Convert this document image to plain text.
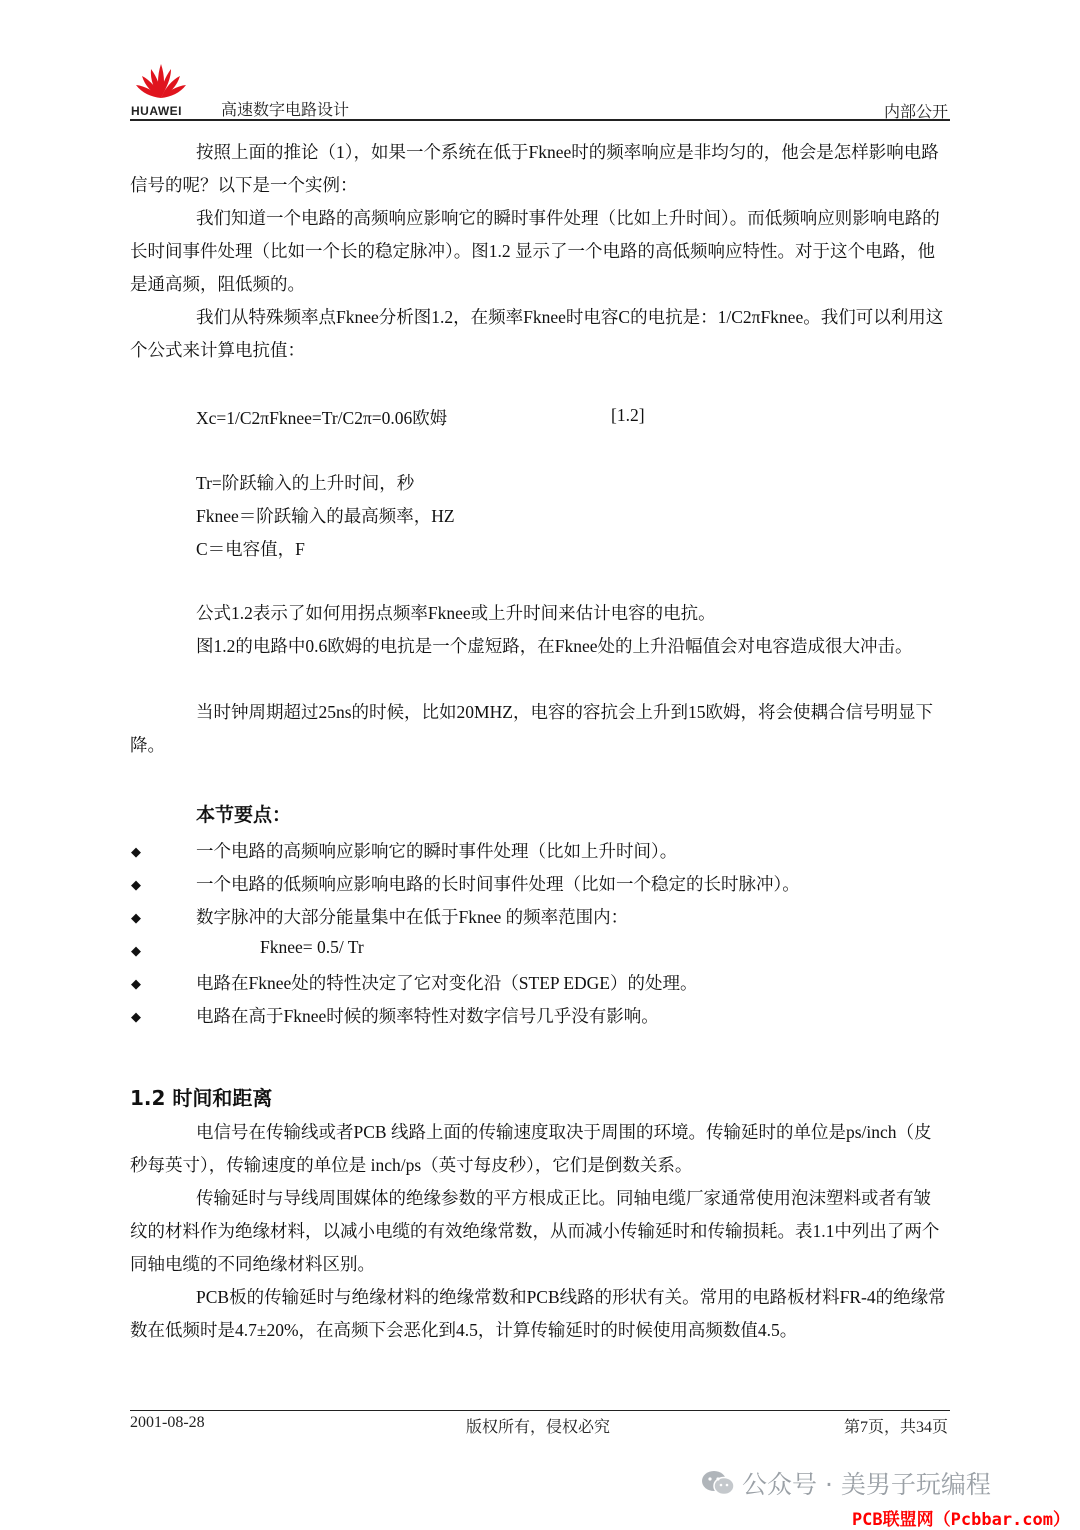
HUAWEI 高速数字电路设计	内部公开
按照上面的推论（1），如果一个系统在低于Fknee时的频率响应是非均匀的，他会是怎样影响电路信号的呢？以下是一个实例：
我们知道一个电路的高频响应影响它的瞬时事件处理（比如上升时间）。而低频响应则影响电路的长时间事件处理（比如一个长的稳定脉冲）。图1.2 显示了一个电路的高低频响应特性。对于这个电路，他是通高频，阻低频的。
我们从特殊频率点Fknee分析图1.2，在频率Fknee时电容C的电抗是：1/C2πFknee。我们可以利用这个公式来计算电抗值：
Xc=1/C2πFknee=Tr/C2π=0.06欧姆	[1.2]
Tr=阶跃输入的上升时间，秒
Fknee＝阶跃输入的最高频率，HZ
C＝电容值，F
公式1.2表示了如何用拐点频率Fknee或上升时间来估计电容的电抗。
图1.2的电路中0.6欧姆的电抗是一个虚短路，在Fknee处的上升沿幅值会对电容造成很大冲击。
当时钟周期超过25ns的时候，比如20MHZ，电容的容抗会上升到15欧姆，将会使耦合信号明显下降。
本节要点：
◆	一个电路的高频响应影响它的瞬时事件处理（比如上升时间）。
◆	一个电路的低频响应影响电路的长时间事件处理（比如一个稳定的长时脉冲）。
◆	数字脉冲的大部分能量集中在低于Fknee 的频率范围内：
◆	Fknee= 0.5/ Tr
◆	电路在Fknee处的特性决定了它对变化沿（STEP EDGE）的处理。
◆	电路在高于Fknee时候的频率特性对数字信号几乎没有影响。
1.2 时间和距离
电信号在传输线或者PCB 线路上面的传输速度取决于周围的环境。传输延时的单位是ps/inch（皮秒每英寸），传输速度的单位是 inch/ps（英寸每皮秒），它们是倒数关系。
传输延时与导线周围媒体的绝缘参数的平方根成正比。同轴电缆厂家通常使用泡沫塑料或者有皱纹的材料作为绝缘材料，以减小电缆的有效绝缘常数，从而减小传输延时和传输损耗。表1.1中列出了两个同轴电缆的不同绝缘材料区别。
PCB板的传输延时与绝缘材料的绝缘常数和PCB线路的形状有关。常用的电路板材料FR-4的绝缘常数在低频时是4.7±20%，在高频下会恶化到4.5，计算传输延时的时候使用高频数值4.5。
2001-08-28	版权所有，侵权必究	第7页，共34页
公众号 · 美男子玩编程
PCB联盟网（Pcbbar.com）
